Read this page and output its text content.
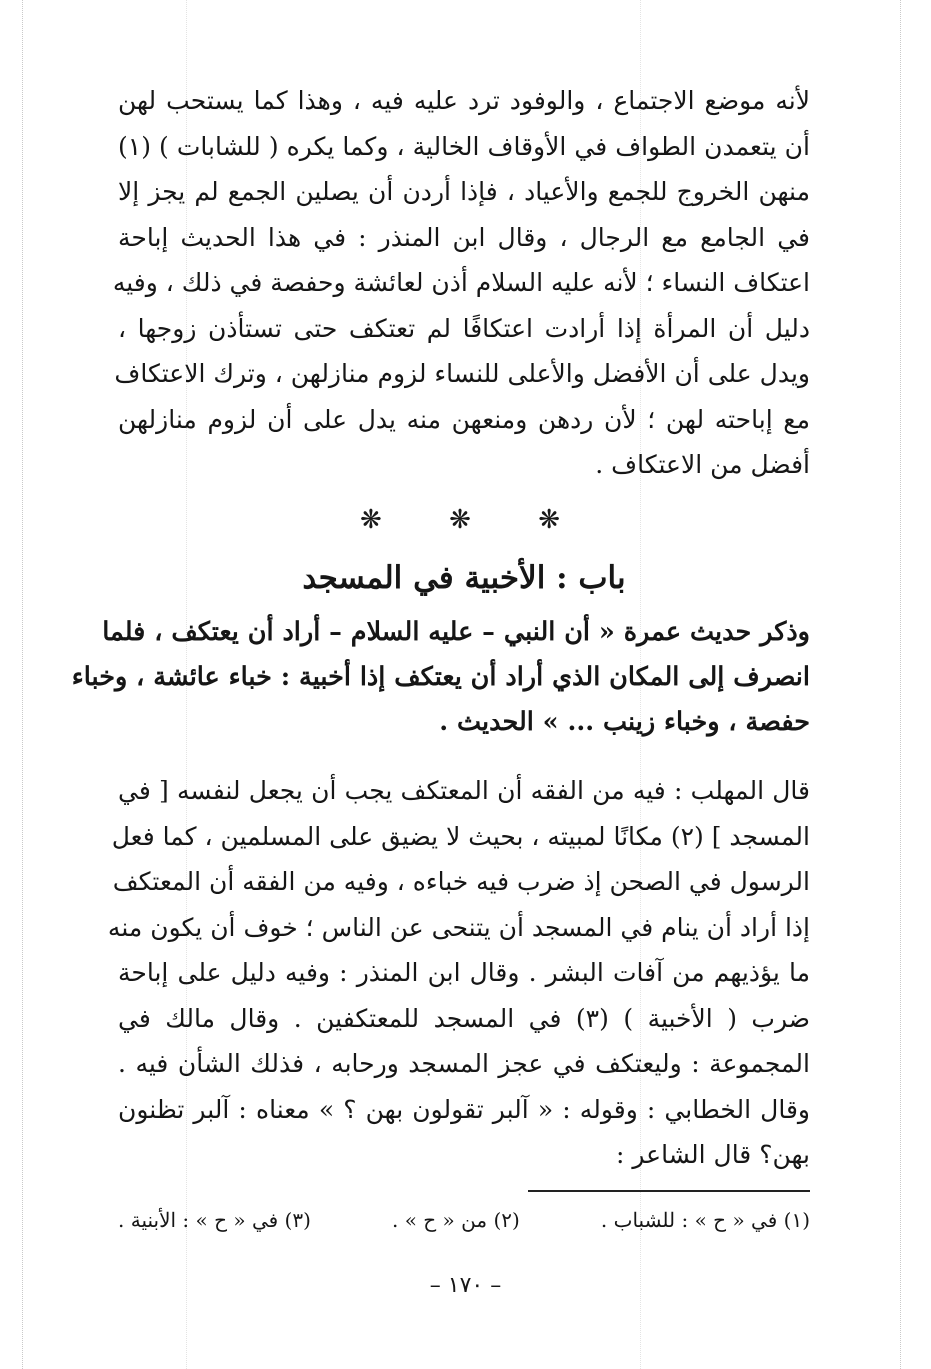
لأنه موضع الاجتماع ، والوفود ترد عليه فيه ، وهذا كما يستحب لهن
أن يتعمدن الطواف في الأوقاف الخالية ، وكما يكره ( للشابات ) (١)
منهن الخروج للجمع والأعياد ، فإذا أردن أن يصلين الجمع لم يجز إلا
في الجامع مع الرجال ، وقال ابن المنذر : في هذا الحديث إباحة
اعتكاف النساء ؛ لأنه عليه السلام أذن لعائشة وحفصة في ذلك ، وفيه
دليل أن المرأة إذا أرادت اعتكافًا لم تعتكف حتى تستأذن زوجها ،
ويدل على أن الأفضل والأعلى للنساء لزوم منازلهن ، وترك الاعتكاف
مع إباحته لهن ؛ لأن ردهن ومنعهن منه يدل على أن لزوم منازلهن
أفضل من الاعتكاف .
❋	❋	❋
باب : الأخبية في المسجد
وذكر حديث عمرة « أن النبي – عليه السلام – أراد أن يعتكف ، فلما
انصرف إلى المكان الذي أراد أن يعتكف إذا أخبية : خباء عائشة ، وخباء
حفصة ، وخباء زينب ... » الحديث .
قال المهلب : فيه من الفقه أن المعتكف يجب أن يجعل لنفسه [ في
المسجد ] (٢) مكانًا لمبيته ، بحيث لا يضيق على المسلمين ، كما فعل
الرسول في الصحن إذ ضرب فيه خباءه ، وفيه من الفقه أن المعتكف
إذا أراد أن ينام في المسجد أن يتنحى عن الناس ؛ خوف أن يكون منه
ما يؤذيهم من آفات البشر . وقال ابن المنذر : وفيه دليل على إباحة
ضرب ( الأخبية ) (٣) في المسجد للمعتكفين . وقال مالك في
المجموعة : وليعتكف في عجز المسجد ورحابه ، فذلك الشأن فيه .
وقال الخطابي : وقوله : « آلبر تقولون بهن ؟ » معناه : آلبر تظنون
بهن؟ قال الشاعر :
(١) في « ح » : للشباب .
(٢) من « ح » .
(٣) في « ح » : الأبنية .
– ١٧٠ –
